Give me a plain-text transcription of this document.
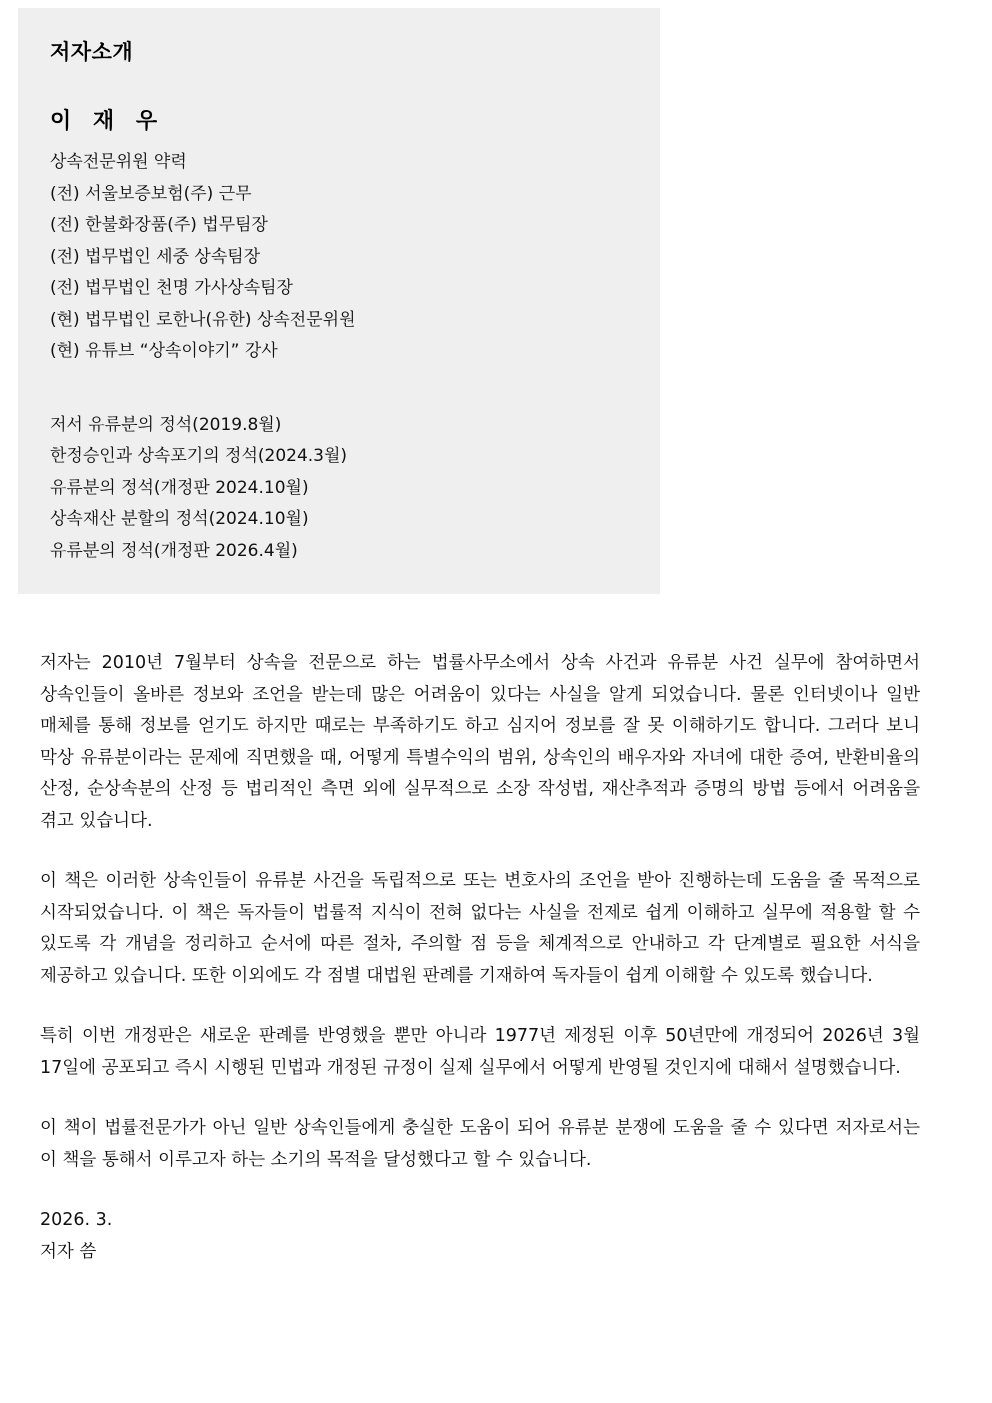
저자소개
이 재 우
상속전문위원 약력
(전) 서울보증보험(주) 근무
(전) 한불화장품(주) 법무팀장
(전) 법무법인 세중 상속팀장
(전) 법무법인 천명 가사상속팀장
(현) 법무법인 로한나(유한) 상속전문위원
(현) 유튜브 “상속이야기” 강사
저서 유류분의 정석(2019.8월)
한정승인과 상속포기의 정석(2024.3월)
유류분의 정석(개정판 2024.10월)
상속재산 분할의 정석(2024.10월)
유류분의 정석(개정판 2026.4월)

저자는 2010년 7월부터 상속을 전문으로 하는 법률사무소에서 상속 사건과 유류분 사건 실무에 참여하면서 상속인들이 올바른 정보와 조언을 받는데 많은 어려움이 있다는 사실을 알게 되었습니다. 물론 인터넷이나 일반 매체를 통해 정보를 얻기도 하지만 때로는 부족하기도 하고 심지어 정보를 잘 못 이해하기도 합니다. 그러다 보니 막상 유류분이라는 문제에 직면했을 때, 어떻게 특별수익의 범위, 상속인의 배우자와 자녀에 대한 증여, 반환비율의 산정, 순상속분의 산정 등 법리적인 측면 외에 실무적으로 소장 작성법, 재산추적과 증명의 방법 등에서 어려움을 겪고 있습니다.

이 책은 이러한 상속인들이 유류분 사건을 독립적으로 또는 변호사의 조언을 받아 진행하는데 도움을 줄 목적으로 시작되었습니다. 이 책은 독자들이 법률적 지식이 전혀 없다는 사실을 전제로 쉽게 이해하고 실무에 적용할 할 수 있도록 각 개념을 정리하고 순서에 따른 절차, 주의할 점 등을 체계적으로 안내하고 각 단계별로 필요한 서식을 제공하고 있습니다. 또한 이외에도 각 점별 대법원 판례를 기재하여 독자들이 쉽게 이해할 수 있도록 했습니다.

특히 이번 개정판은 새로운 판례를 반영했을 뿐만 아니라 1977년 제정된 이후 50년만에 개정되어 2026년 3월 17일에 공포되고 즉시 시행된 민법과 개정된 규정이 실제 실무에서 어떻게 반영될 것인지에 대해서 설명했습니다.

이 책이 법률전문가가 아닌 일반 상속인들에게 충실한 도움이 되어 유류분 분쟁에 도움을 줄 수 있다면 저자로서는 이 책을 통해서 이루고자 하는 소기의 목적을 달성했다고 할 수 있습니다.

2026. 3.
저자 씀
